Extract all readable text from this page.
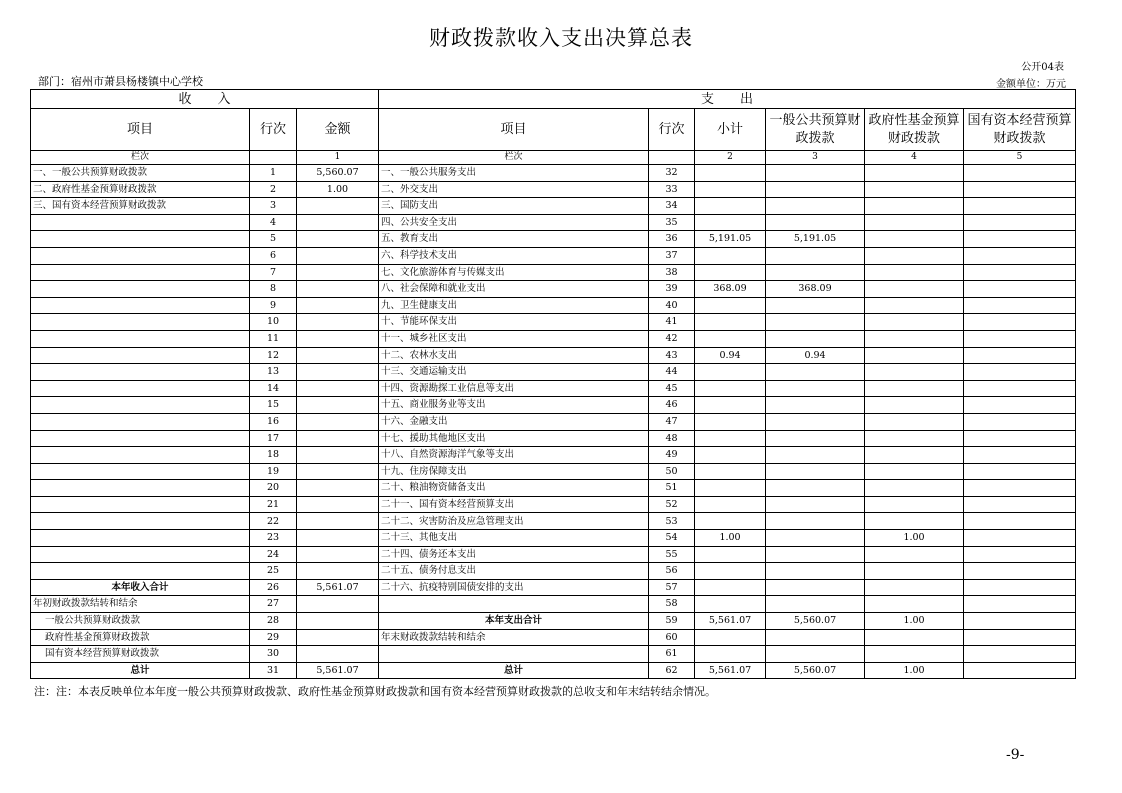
财政拨款收入支出决算总表
公开04表
部门：宿州市萧县杨楼镇中心学校	金额单位：万元
收　　入			支　　出					
项目	行次	金额	项目	行次	小计	一般公共预算财政拨款	政府性基金预算财政拨款	国有资本经营预算财政拨款
栏次		1	栏次		2	3	4	5
一、一般公共预算财政拨款	1	5,560.07	一、一般公共服务支出	32				
二、政府性基金预算财政拨款	2	1.00	二、外交支出	33				
三、国有资本经营预算财政拨款	3		三、国防支出	34				
	4		四、公共安全支出	35				
	5		五、教育支出	36	5,191.05	5,191.05		
	6		六、科学技术支出	37				
	7		七、文化旅游体育与传媒支出	38				
	8		八、社会保障和就业支出	39	368.09	368.09		
	9		九、卫生健康支出	40				
	10		十、节能环保支出	41				
	11		十一、城乡社区支出	42				
	12		十二、农林水支出	43	0.94	0.94		
	13		十三、交通运输支出	44				
	14		十四、资源勘探工业信息等支出	45				
	15		十五、商业服务业等支出	46				
	16		十六、金融支出	47				
	17		十七、援助其他地区支出	48				
	18		十八、自然资源海洋气象等支出	49				
	19		十九、住房保障支出	50				
	20		二十、粮油物资储备支出	51				
	21		二十一、国有资本经营预算支出	52				
	22		二十二、灾害防治及应急管理支出	53				
	23		二十三、其他支出	54	1.00		1.00	
	24		二十四、债务还本支出	55				
	25		二十五、债务付息支出	56				
本年收入合计	26	5,561.07	二十六、抗疫特别国债安排的支出	57				
年初财政拨款结转和结余	27			58				
一般公共预算财政拨款	28		本年支出合计	59	5,561.07	5,560.07	1.00	
政府性基金预算财政拨款	29		年末财政拨款结转和结余	60				
国有资本经营预算财政拨款	30			61				
总计	31	5,561.07	总计	62	5,561.07	5,560.07	1.00	
注：注：本表反映单位本年度一般公共预算财政拨款、政府性基金预算财政拨款和国有资本经营预算财政拨款的总收支和年末结转结余情况。
-9-
